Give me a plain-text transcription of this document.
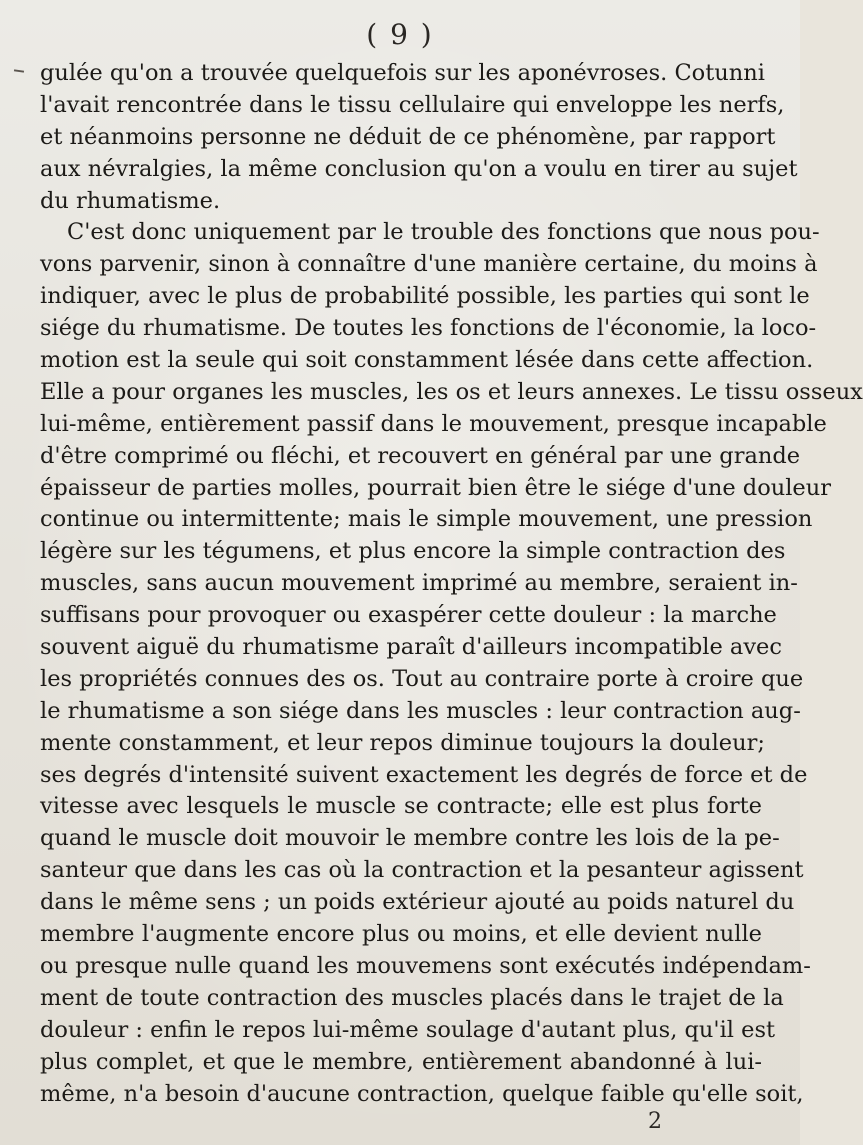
( 9 )
gulée qu'on a trouvée quelquefois sur les aponévroses. Cotunni
l'avait rencontrée dans le tissu cellulaire qui enveloppe les nerfs,
et néanmoins personne ne déduit de ce phénomène, par rapport
aux névralgies, la même conclusion qu'on a voulu en tirer au sujet
du rhumatisme.
C'est donc uniquement par le trouble des fonctions que nous pou-
vons parvenir, sinon à connaître d'une manière certaine, du moins à
indiquer, avec le plus de probabilité possible, les parties qui sont le
siége du rhumatisme. De toutes les fonctions de l'économie, la loco-
motion est la seule qui soit constamment lésée dans cette affection.
Elle a pour organes les muscles, les os et leurs annexes. Le tissu osseux
lui-même, entièrement passif dans le mouvement, presque incapable
d'être comprimé ou fléchi, et recouvert en général par une grande
épaisseur de parties molles, pourrait bien être le siége d'une douleur
continue ou intermittente; mais le simple mouvement, une pression
légère sur les tégumens, et plus encore la simple contraction des
muscles, sans aucun mouvement imprimé au membre, seraient in-
suffisans pour provoquer ou exaspérer cette douleur : la marche
souvent aiguë du rhumatisme paraît d'ailleurs incompatible avec
les propriétés connues des os. Tout au contraire porte à croire que
le rhumatisme a son siége dans les muscles : leur contraction aug-
mente constamment, et leur repos diminue toujours la douleur;
ses degrés d'intensité suivent exactement les degrés de force et de
vitesse avec lesquels le muscle se contracte; elle est plus forte
quand le muscle doit mouvoir le membre contre les lois de la pe-
santeur que dans les cas où la contraction et la pesanteur agissent
dans le même sens ; un poids extérieur ajouté au poids naturel du
membre l'augmente encore plus ou moins, et elle devient nulle
ou presque nulle quand les mouvemens sont exécutés indépendam-
ment de toute contraction des muscles placés dans le trajet de la
douleur : enfin le repos lui-même soulage d'autant plus, qu'il est
plus complet, et que le membre, entièrement abandonné à lui-
même, n'a besoin d'aucune contraction, quelque faible qu'elle soit,
2
